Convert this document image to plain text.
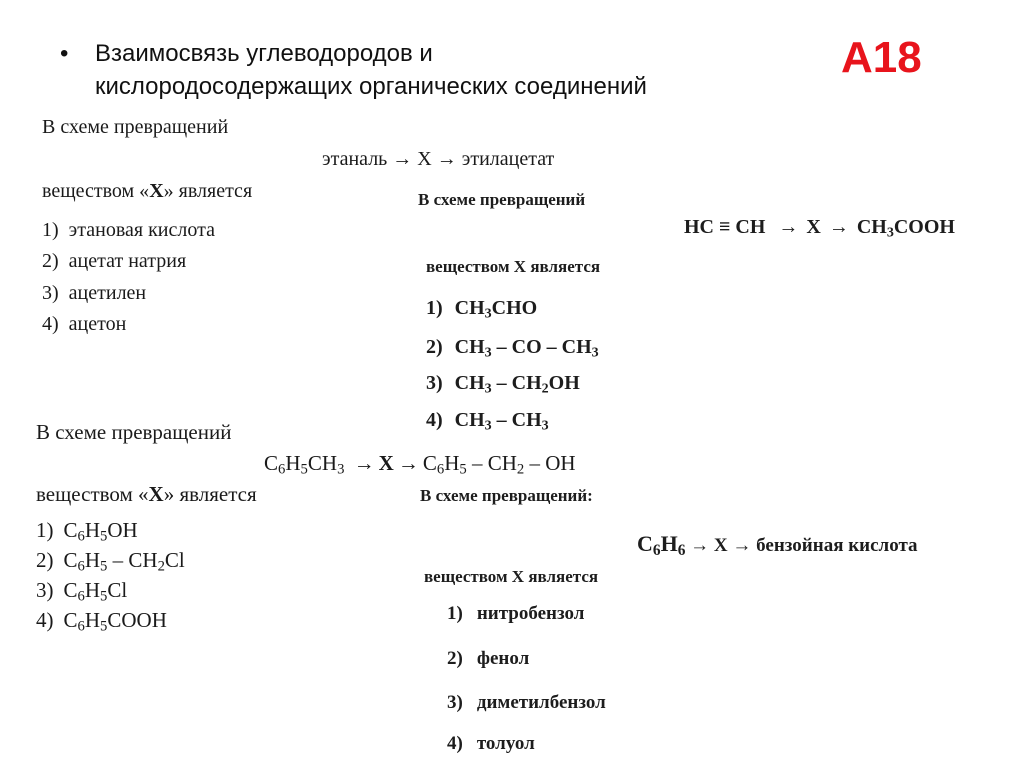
• Взаимосвязь углеводородов и
кислородосодержащих органических соединений
А18
В схеме превращений
этаналь → X → этилацетат
веществом «X» является
1) этановая кислота
2) ацетат натрия
3) ацетилен
4) ацетон
В схеме превращений
HC ≡ CH → $X \to CH_3COOH$
веществом X является
1) $CH_3CHO$
2) $CH_3$ – CO – $CH_3$
3) $CH_3 - CH_2OH$
4) $CH_3 - CH_3$
В схеме превращений
$C_6H_5CH_3 \to X \to C_6H_5 - CH_2$ – OH
веществом «X» является
1) $C_6H_5OH$
2) $C_6H_5 - CH_2Cl$
3) $C_6H_5Cl$
4) $C_6H_5COOH$
В схеме превращений:
$C_6H_6 \to X$ → бензойная кислота
веществом X является
1) нитробензол
2) фенол
3) диметилбензол
4) толуол
